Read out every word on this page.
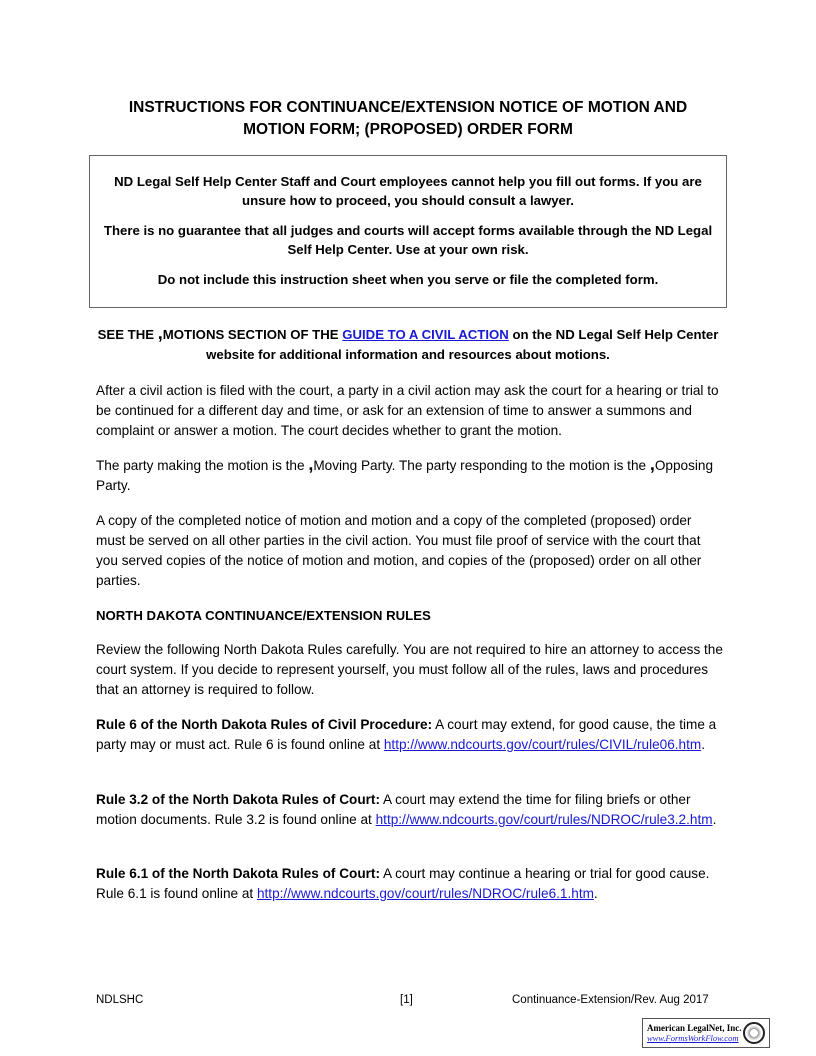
INSTRUCTIONS FOR CONTINUANCE/EXTENSION NOTICE OF MOTION AND
MOTION FORM; (PROPOSED) ORDER FORM

ND Legal Self Help Center Staff and Court employees cannot help you fill out forms. If you are unsure how to proceed, you should consult a lawyer.

There is no guarantee that all judges and courts will accept forms available through the ND Legal Self Help Center. Use at your own risk.

Do not include this instruction sheet when you serve or file the completed form.

SEE THE ,MOTIONS SECTION OF THE GUIDE TO A CIVIL ACTION on the ND Legal Self Help Center website for additional information and resources about motions.

After a civil action is filed with the court, a party in a civil action may ask the court for a hearing or trial to be continued for a different day and time, or ask for an extension of time to answer a summons and complaint or answer a motion. The court decides whether to grant the motion.

The party making the motion is the ,Moving Party. The party responding to the motion is the ,Opposing Party.

A copy of the completed notice of motion and motion and a copy of the completed (proposed) order must be served on all other parties in the civil action. You must file proof of service with the court that you served copies of the notice of motion and motion, and copies of the (proposed) order on all other parties.

NORTH DAKOTA CONTINUANCE/EXTENSION RULES

Review the following North Dakota Rules carefully. You are not required to hire an attorney to access the court system. If you decide to represent yourself, you must follow all of the rules, laws and procedures that an attorney is required to follow.

Rule 6 of the North Dakota Rules of Civil Procedure: A court may extend, for good cause, the time a party may or must act. Rule 6 is found online at http://www.ndcourts.gov/court/rules/CIVIL/rule06.htm.

Rule 3.2 of the North Dakota Rules of Court: A court may extend the time for filing briefs or other motion documents. Rule 3.2 is found online at http://www.ndcourts.gov/court/rules/NDROC/rule3.2.htm.

Rule 6.1 of the North Dakota Rules of Court: A court may continue a hearing or trial for good cause. Rule 6.1 is found online at http://www.ndcourts.gov/court/rules/NDROC/rule6.1.htm.

NDLSHC	[1]	Continuance-Extension/Rev. Aug 2017
American LegalNet, Inc.
www.FormsWorkFlow.com
